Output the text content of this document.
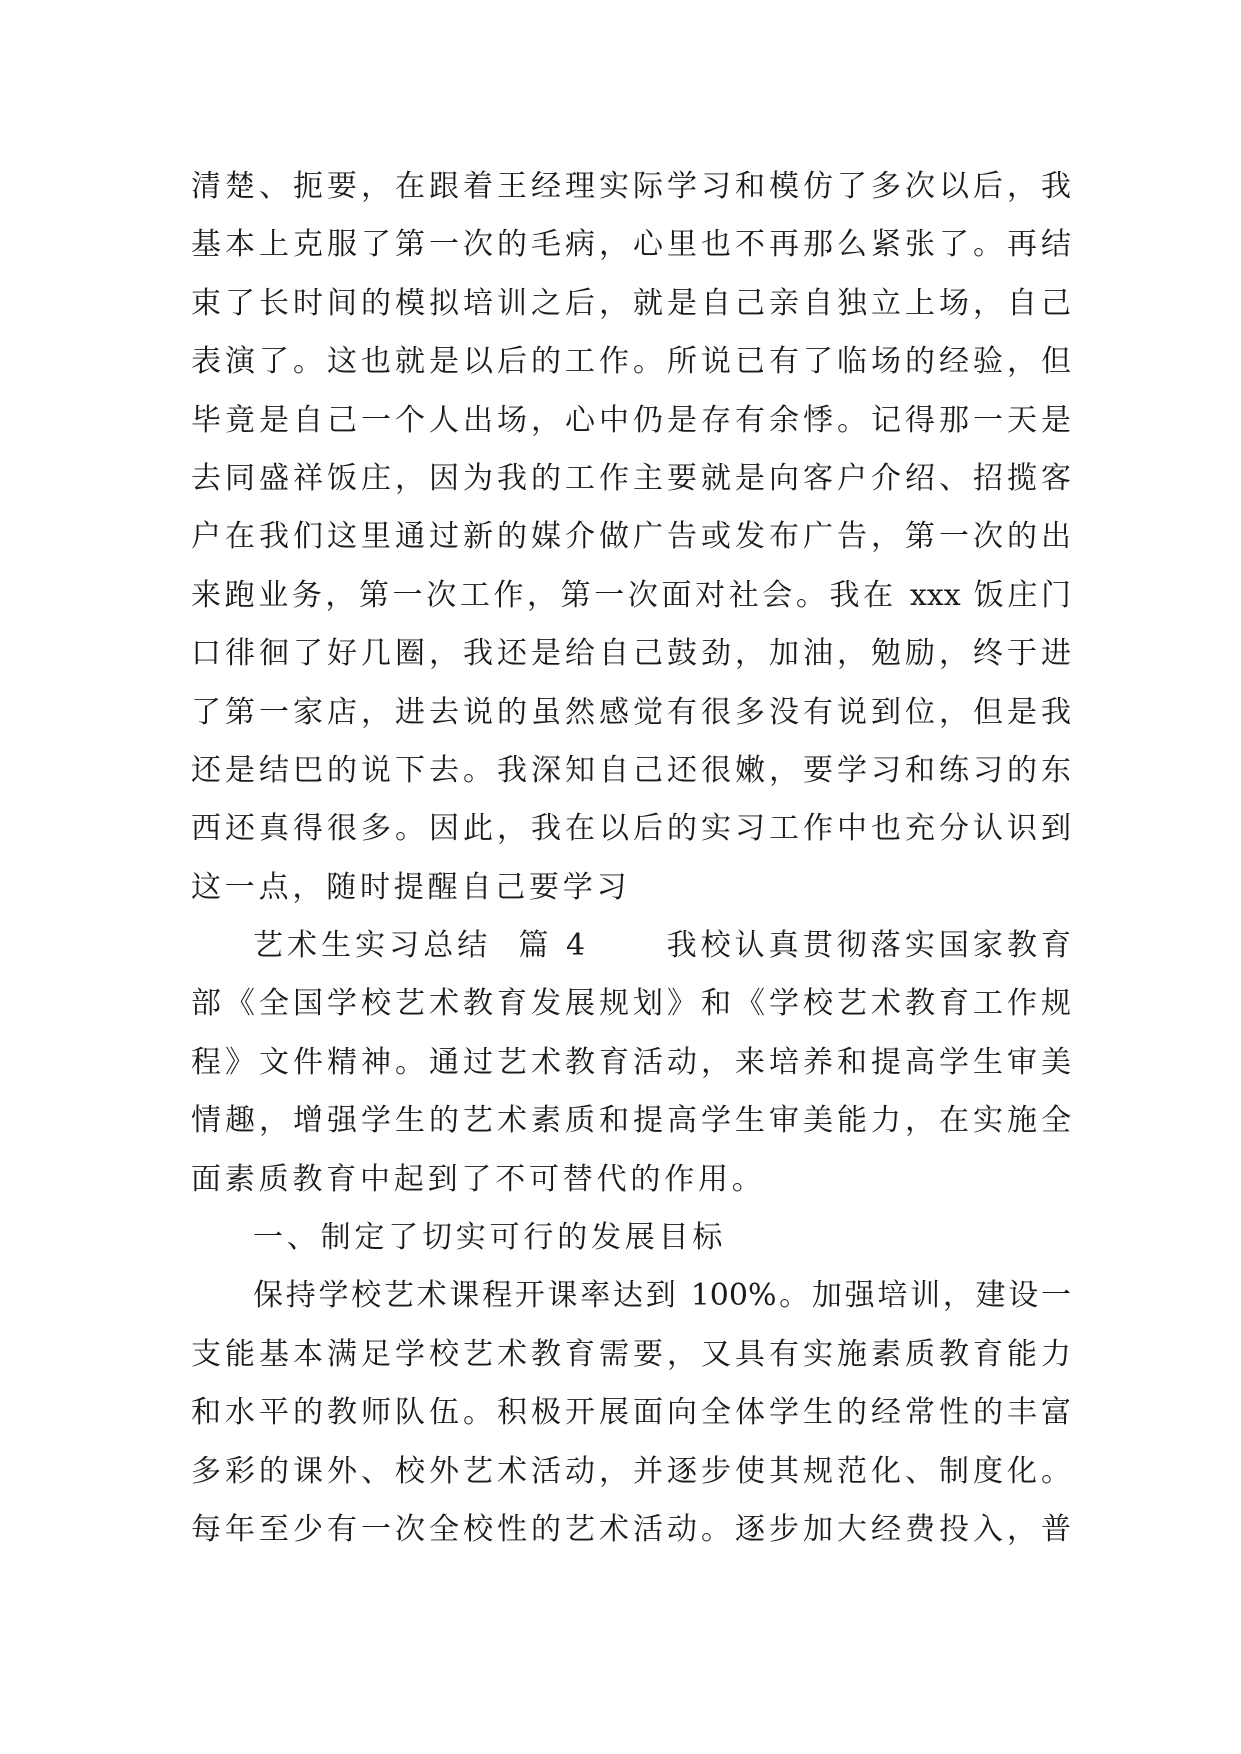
清楚、扼要，在跟着王经理实际学习和模仿了多次以后，我
基本上克服了第一次的毛病，心里也不再那么紧张了。再结
束了长时间的模拟培训之后，就是自己亲自独立上场，自己
表演了。这也就是以后的工作。所说已有了临场的经验，但
毕竟是自己一个人出场，心中仍是存有余悸。记得那一天是
去同盛祥饭庄，因为我的工作主要就是向客户介绍、招揽客
户在我们这里通过新的媒介做广告或发布广告，第一次的出
来跑业务，第一次工作，第一次面对社会。我在 xxx 饭庄门
口徘徊了好几圈，我还是给自己鼓劲，加油，勉励，终于进
了第一家店，进去说的虽然感觉有很多没有说到位，但是我
还是结巴的说下去。我深知自己还很嫩，要学习和练习的东
西还真得很多。因此，我在以后的实习工作中也充分认识到
这一点，随时提醒自己要学习
艺术生实习总结  篇 4      我校认真贯彻落实国家教育
部《全国学校艺术教育发展规划》和《学校艺术教育工作规
程》文件精神。通过艺术教育活动，来培养和提高学生审美
情趣，增强学生的艺术素质和提高学生审美能力，在实施全
面素质教育中起到了不可替代的作用。
一、制定了切实可行的发展目标
保持学校艺术课程开课率达到 100%。加强培训，建设一
支能基本满足学校艺术教育需要，又具有实施素质教育能力
和水平的教师队伍。积极开展面向全体学生的经常性的丰富
多彩的课外、校外艺术活动，并逐步使其规范化、制度化。
每年至少有一次全校性的艺术活动。逐步加大经费投入，普
